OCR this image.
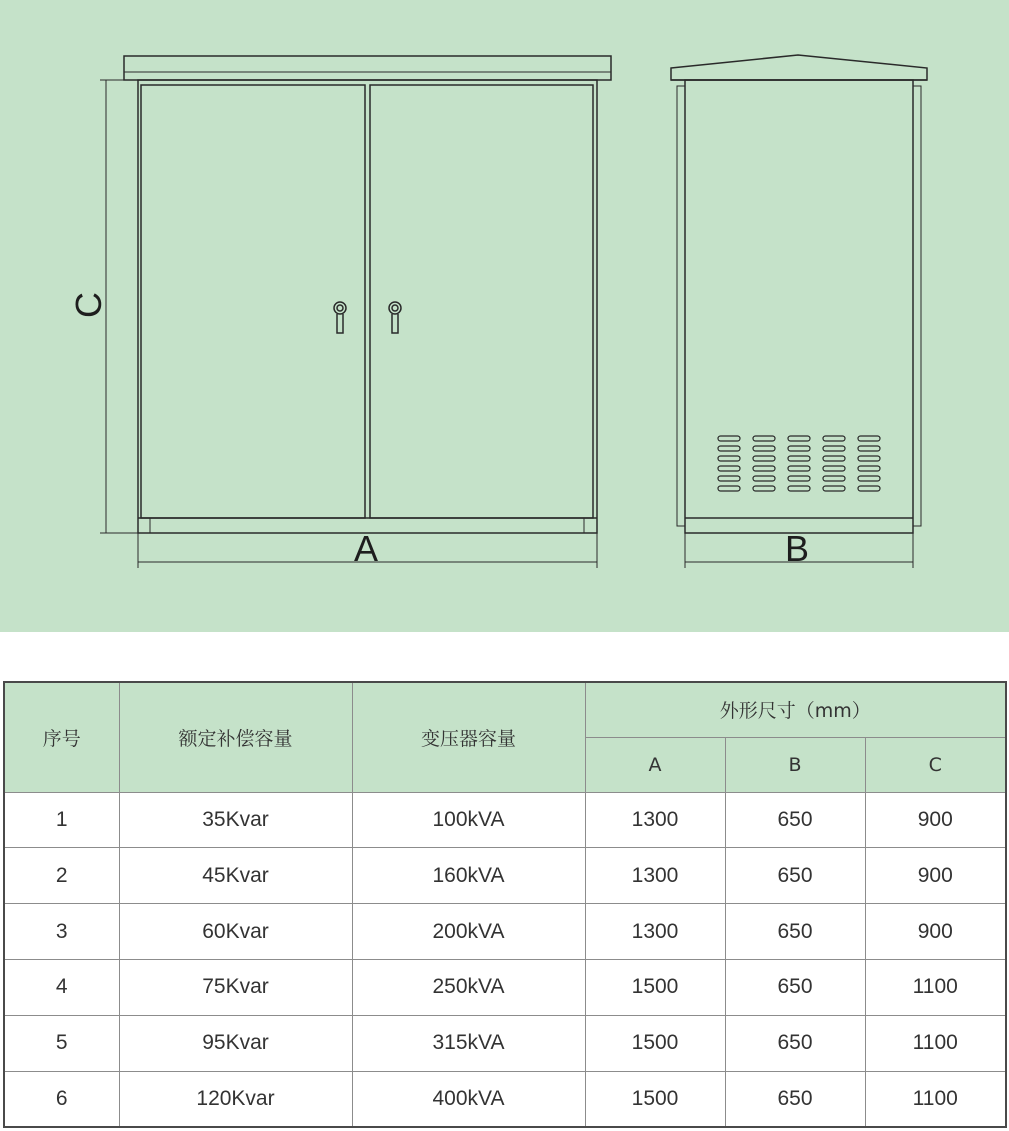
A	B
C
序号	额定补偿容量	变压器容量	外形尺寸（mm）		
			A	B	C
1	35Kvar	100kVA	1300	650	900
2	45Kvar	160kVA	1300	650	900
3	60Kvar	200kVA	1300	650	900
4	75Kvar	250kVA	1500	650	1100
5	95Kvar	315kVA	1500	650	1100
6	120Kvar	400kVA	1500	650	1100
